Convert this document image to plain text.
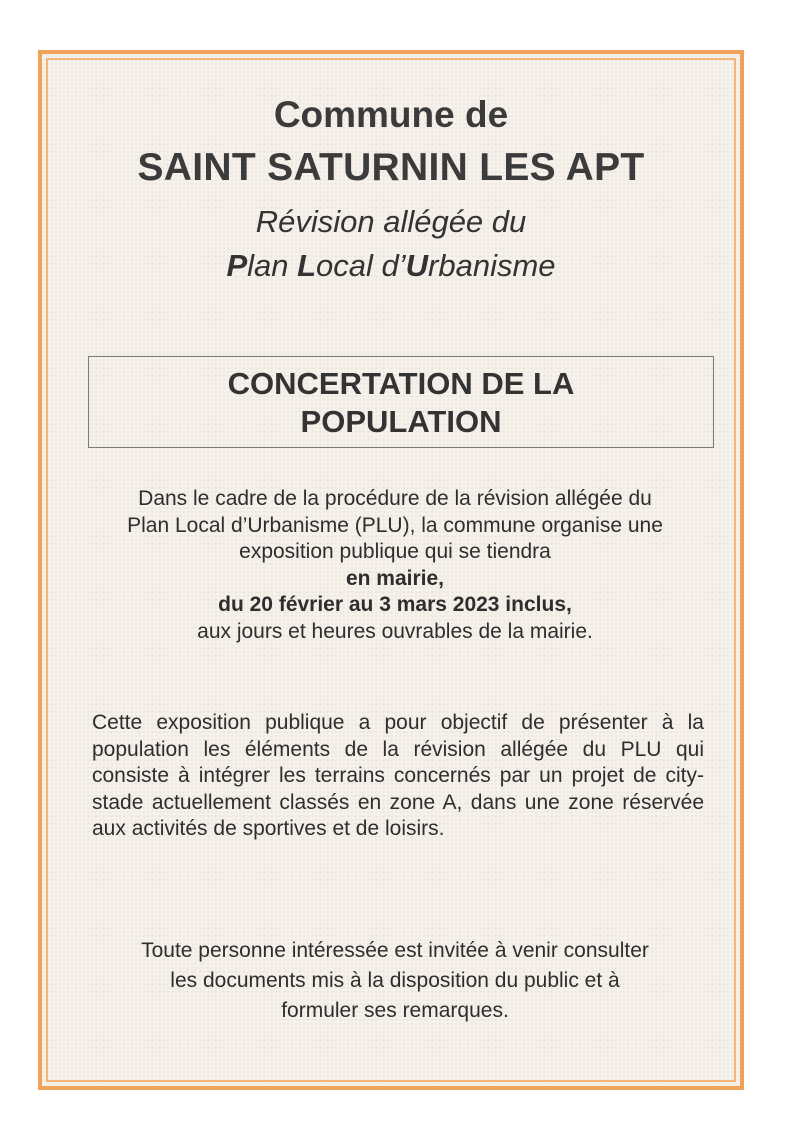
Commune de
SAINT SATURNIN LES APT
Révision allégée du
Plan Local d’Urbanisme
CONCERTATION DE LA
POPULATION
Dans le cadre de la procédure de la révision allégée du
Plan Local d’Urbanisme (PLU), la commune organise une
exposition publique qui se tiendra
en mairie,
du 20 février au 3 mars 2023 inclus,
aux jours et heures ouvrables de la mairie.
Cette exposition publique a pour objectif de présenter à la population les éléments de la révision allégée du PLU qui consiste à intégrer les terrains concernés par un projet de city-stade actuellement classés en zone A, dans une zone réservée aux activités de sportives et de loisirs.
Toute personne intéressée est invitée à venir consulter
les documents mis à la disposition du public et à
formuler ses remarques.
